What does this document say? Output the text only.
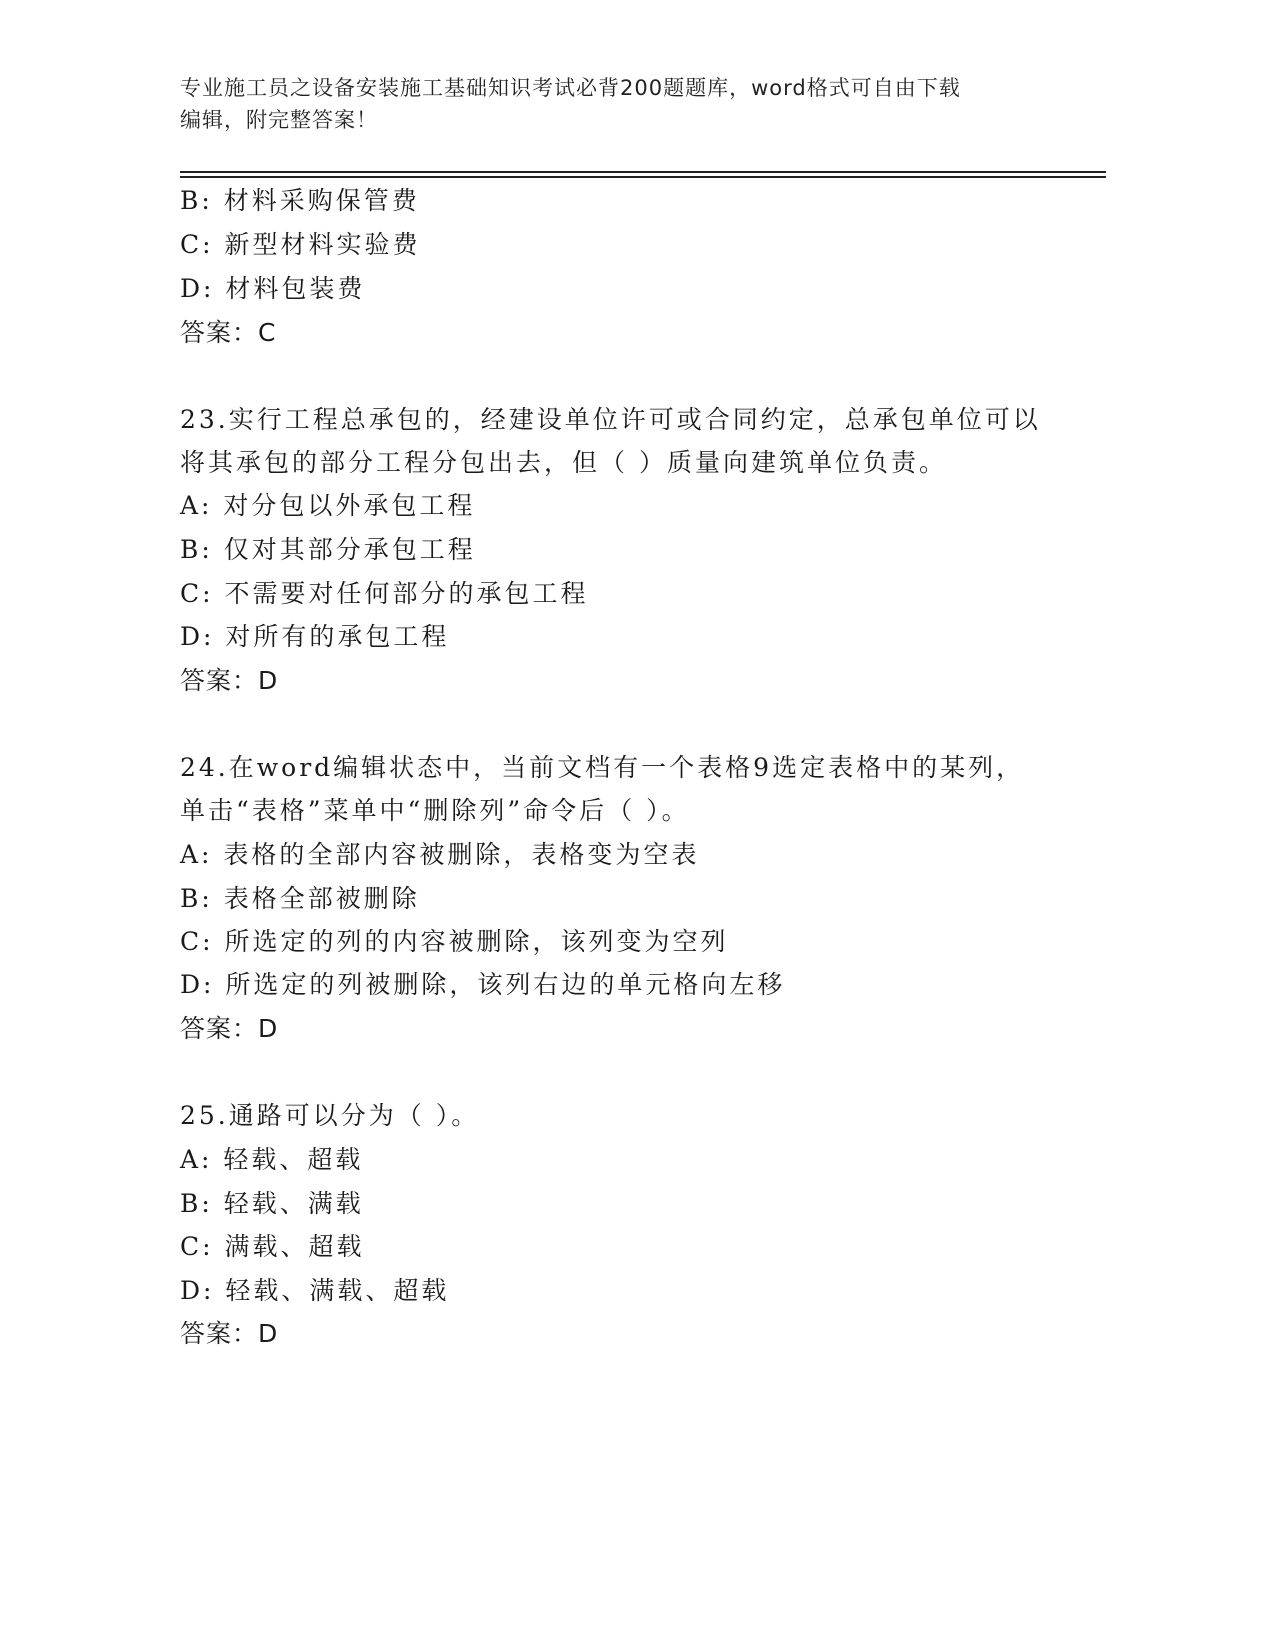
专业施工员之设备安装施工基础知识考试必背200题题库，word格式可自由下载
编辑，附完整答案！
B: 材料采购保管费
C: 新型材料实验费
D: 材料包装费
答案：C
23.实行工程总承包的，经建设单位许可或合同约定，总承包单位可以
将其承包的部分工程分包出去，但（ ）质量向建筑单位负责。
A: 对分包以外承包工程
B: 仅对其部分承包工程
C: 不需要对任何部分的承包工程
D: 对所有的承包工程
答案：D
24.在word编辑状态中，当前文档有一个表格9选定表格中的某列，
单击“表格”菜单中“删除列”命令后（ ）。
A: 表格的全部内容被删除，表格变为空表
B: 表格全部被删除
C: 所选定的列的内容被删除，该列变为空列
D: 所选定的列被删除，该列右边的单元格向左移
答案：D
25.通路可以分为（ ）。
A: 轻载、超载
B: 轻载、满载
C: 满载、超载
D: 轻载、满载、超载
答案：D
